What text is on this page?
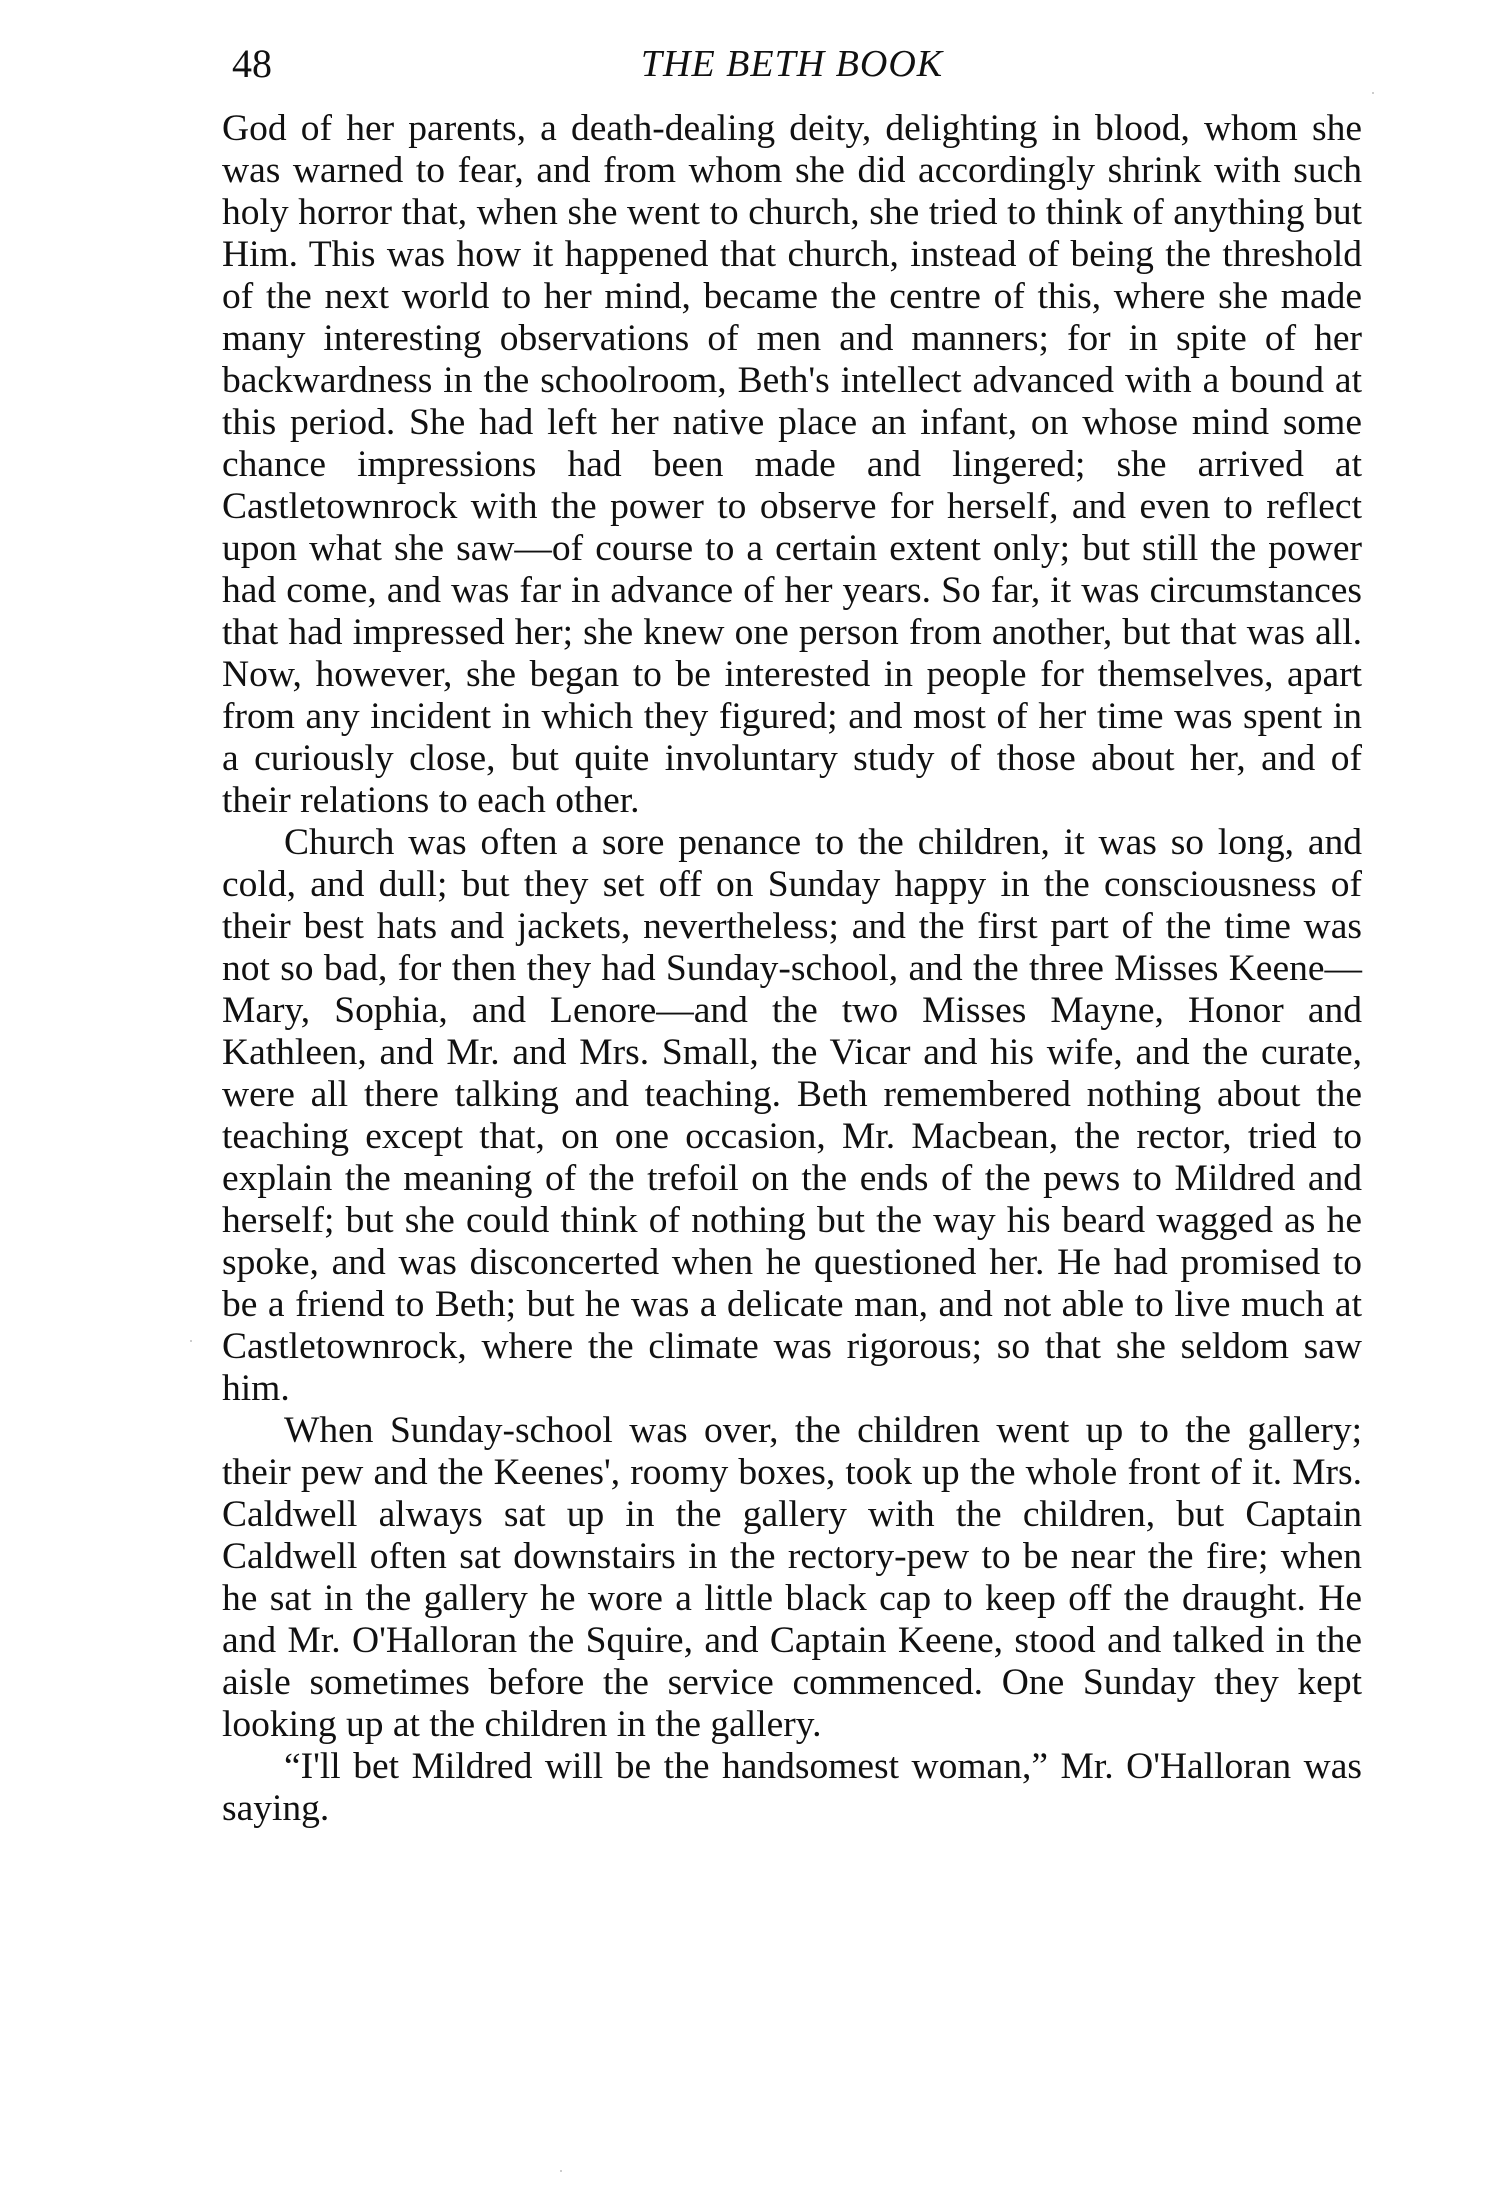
48	THE BETH BOOK

God of her parents, a death-dealing deity, delighting in blood, whom she was warned to fear, and from whom she did accordingly shrink with such holy horror that, when she went to church, she tried to think of anything but Him. This was how it happened that church, instead of being the threshold of the next world to her mind, became the centre of this, where she made many interesting observations of men and manners; for in spite of her backwardness in the schoolroom, Beth's intellect advanced with a bound at this period. She had left her native place an infant, on whose mind some chance impressions had been made and lingered; she arrived at Castletownrock with the power to observe for herself, and even to reflect upon what she saw—of course to a certain extent only; but still the power had come, and was far in advance of her years. So far, it was circumstances that had impressed her; she knew one person from another, but that was all. Now, however, she began to be interested in people for themselves, apart from any incident in which they figured; and most of her time was spent in a curiously close, but quite involuntary study of those about her, and of their relations to each other.

Church was often a sore penance to the children, it was so long, and cold, and dull; but they set off on Sunday happy in the consciousness of their best hats and jackets, nevertheless; and the first part of the time was not so bad, for then they had Sunday-school, and the three Misses Keene—Mary, Sophia, and Lenore—and the two Misses Mayne, Honor and Kathleen, and Mr. and Mrs. Small, the Vicar and his wife, and the curate, were all there talking and teaching. Beth remembered nothing about the teaching except that, on one occasion, Mr. Macbean, the rector, tried to explain the meaning of the trefoil on the ends of the pews to Mildred and herself; but she could think of nothing but the way his beard wagged as he spoke, and was disconcerted when he questioned her. He had promised to be a friend to Beth; but he was a delicate man, and not able to live much at Castletownrock, where the climate was rigorous; so that she seldom saw him.

When Sunday-school was over, the children went up to the gallery; their pew and the Keenes', roomy boxes, took up the whole front of it. Mrs. Caldwell always sat up in the gallery with the children, but Captain Caldwell often sat downstairs in the rectory-pew to be near the fire; when he sat in the gallery he wore a little black cap to keep off the draught. He and Mr. O'Halloran the Squire, and Captain Keene, stood and talked in the aisle sometimes before the service commenced. One Sunday they kept looking up at the children in the gallery.

“I'll bet Mildred will be the handsomest woman,” Mr. O'Halloran was saying.
